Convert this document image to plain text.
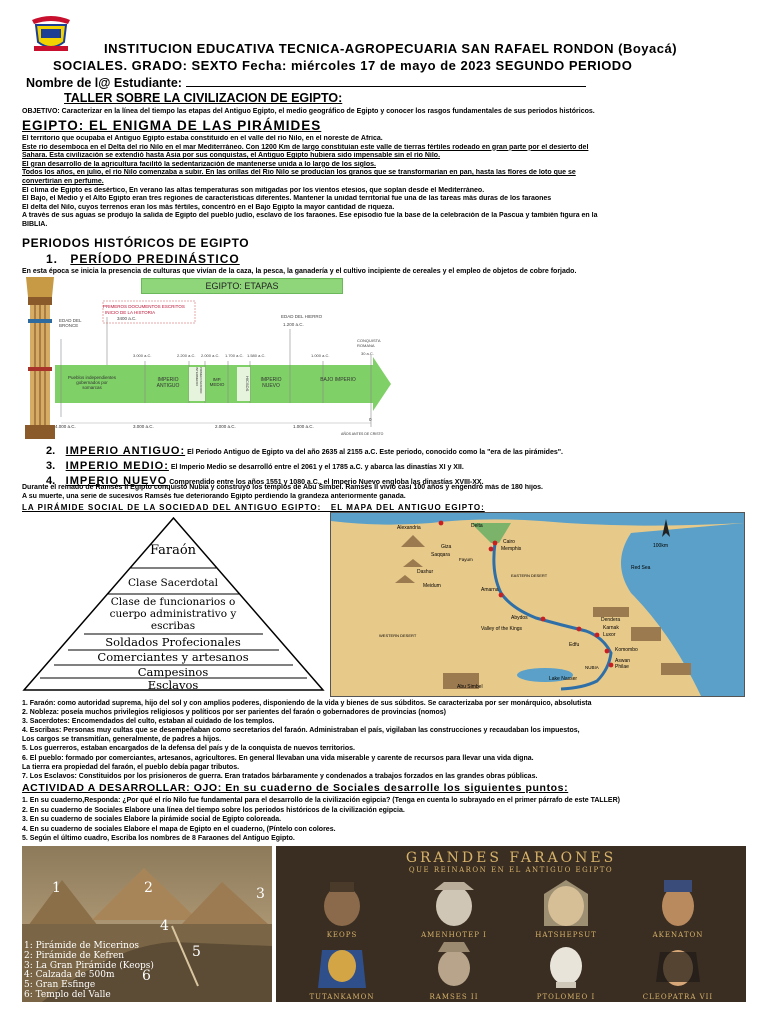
INSTITUCION EDUCATIVA TECNICA-AGROPECUARIA SAN RAFAEL RONDON (Boyacá)
SOCIALES. GRADO: SEXTO Fecha: miércoles 17 de mayo de 2023 SEGUNDO PERIODO
Nombre de l@ Estudiante:
TALLER SOBRE LA CIVILIZACION DE EGIPTO:
OBJETIVO: Caracterizar en la línea del tiempo las etapas del Antiguo Egipto, el medio geográfico de Egipto y conocer los rasgos fundamentales de sus periodos históricos.
EGIPTO: EL ENIGMA DE LAS PIRÁMIDES

El territorio que ocupaba el Antiguo Egipto estaba constituido en el valle del río Nilo, en el noreste de África.

Este río desemboca en el Delta del río Nilo en el mar Mediterráneo. Con 1200 Km de largo constituían este valle de tierras fértiles rodeado en gran parte por el desierto del

Sahara. Esta civilización se extendió hasta Asia por sus conquistas, el Antiguo Egipto hubiera sido impensable sin el río Nilo.

El gran desarrollo de la agricultura facilitó la sedentarización de mantenerse unida a lo largo de los siglos.

Todos los años, en julio, el río Nilo comenzaba a subir. En las orillas del Rio Nilo se producían los granos que se transformarían en pan, hasta las flores de loto que se

convertirían en perfume.

El clima de Egipto es desértico, En verano las altas temperaturas son mitigadas por los vientos etesios, que soplan desde el Mediterráneo.

El Bajo, el Medio y el Alto Egipto eran tres regiones de características diferentes. Mantener la unidad territorial fue una de las tareas más duras de los faraones

El delta del Nilo, cuyos terrenos eran los más fértiles, concentró en el Bajo Egipto la mayor cantidad de riqueza.

A través de sus aguas se produjo la salida de Egipto del pueblo judío, esclavo de los faraones. Ese episodio fue la base de la celebración de la Pascua y también figura en la

BIBLIA.

PERIODOS HISTÓRICOS DE EGIPTO
1. PERÍODO PREDINÁSTICO
En esta época se inicia la presencia de culturas que vivían de la caza, la pesca, la ganadería y el cultivo incipiente de cereales y el empleo de objetos de cobre forjado.
EGIPTO: ETAPAS
PRIMEROS DOCUMENTOS ESCRITOS
INICIO DE LA HISTORIA
3400 a.C.
EDAD DEL BRONCE
EDAD DEL HIERRO
1.200 a.C.
CONQUISTA ROMANA
30 a.C.
Pueblos independientes gobernados por somarcas
IMPERIO ANTIGUO
IMP. MEDIO
IMPERIO NUEVO
BAJO IMPERIO
HICSOS
PRIMER PERIODO INTERMEDIO
3.000 a.C.	2.200 a.C. 2.000 a.C. 1.700 a.C. 1.580 a.C.	1.000 a.C.
4.000 a.C.	3.000 a.C.	2.000 a.C.	1.000 a.C.
0
AÑOS ANTES DE CRISTO
2. IMPERIO ANTIGUO: El Periodo Antiguo de Egipto va del año 2635 al 2155 a.C. Este periodo, conocido como la "era de las pirámides".
3. IMPERIO MEDIO: El Imperio Medio se desarrolló entre el 2061 y el 1785 a.C. y abarca las dinastías XI y XII.
4. IMPERIO NUEVO Comprendido entre los años 1551 y 1080 a.C., el Imperio Nuevo engloba las dinastías XVIII-XX.

Durante el reinado de Ramsés II Egipto conquistó Nubia y construyó los templos de Abu Simbel. Ramsés II vivió casi 100 años y engendró más de 180 hijos.

A su muerte, una serie de sucesivos Ramsés fue deteriorando Egipto perdiendo la grandeza anteriormente ganada.

LA PIRÁMIDE SOCIAL DE LA SOCIEDAD DEL ANTIGUO EGIPTO:   EL MAPA DEL ANTIGUO EGIPTO:
Faraón
Clase Sacerdotal
Clase de funcionarios o cuerpo administrativo y escribas
Soldados Profecionales
Comerciantes y artesanos
Campesinos
Esclavos
Alexandria	Delta
Cairo
Memphis
Giza
Saqqara
Fayum
Dashur
Meidum
Amarna
EASTERN DESERT
WESTERN DESERT
Abydos	Dendera
Karnak
Luxor
Valley of the Kings
Edfu
Komombo
Aswan
Philae
NUBIA
Lake Nasser
Abu Simbel
Red Sea
100km

1. Faraón: como autoridad suprema, hijo del sol y con amplios poderes, disponiendo de la vida y bienes de sus súbditos. Se caracterizaba por ser monárquico, absolutista

2. Nobleza: poseía muchos privilegios religiosos y políticos por ser parientes del faraón o gobernadores de provincias (nomos)

3. Sacerdotes: Encomendados del culto, estaban al cuidado de los templos.

4. Escribas: Personas muy cultas que se desempeñaban como secretarios del faraón. Administraban el país, vigilaban las construcciones y recaudaban los impuestos,

Los cargos se transmitían, generalmente, de padres a hijos.

5. Los guerreros, estaban encargados de la defensa del país y de la conquista de nuevos territorios.

6. El pueblo: formado por comerciantes, artesanos, agricultores. En general llevaban una vida miserable y carente de recursos para llevar una vida digna.

La tierra era propiedad del faraón, el pueblo debía pagar tributos.

7. Los Esclavos: Constituidos por los prisioneros de guerra. Eran tratados bárbaramente y condenados a trabajos forzados en las grandes obras públicas.

ACTIVIDAD A DESARROLLAR: OJO: En su cuaderno de Sociales desarrolle los siguientes puntos:

1. En su cuaderno,Responda: ¿Por qué el río Nilo fue fundamental para el desarrollo de la civilización egipcia? (Tenga en cuenta lo subrayado en el primer párrafo de este TALLER)

2. En su cuaderno de Sociales Elabore una línea del tiempo sobre los periodos históricos de la civilización egipcia.

3. En su cuaderno de sociales Elabore la pirámide social de Egipto coloreada.

4. En su cuaderno de sociales Elabore el mapa de Egipto en el cuaderno, (Píntelo con colores.

5. Según el último cuadro, Escriba los nombres de 8 Faraones del Antiguo Egipto.

1	2	3
4
5
6
1: Pirámide de Micerinos
2: Pirámide de Kefren
3: La Gran Pirámide (Keops)
4: Calzada de 500m
5: Gran Esfinge
6: Templo del Valle
GRANDES FARAONES
QUE REINARON EN EL ANTIGUO EGIPTO
KEOPS	AMENHOTEP I	HATSHEPSUT	AKENATON
TUTANKAMON	RAMSES II	PTOLOMEO I	CLEOPATRA VII
